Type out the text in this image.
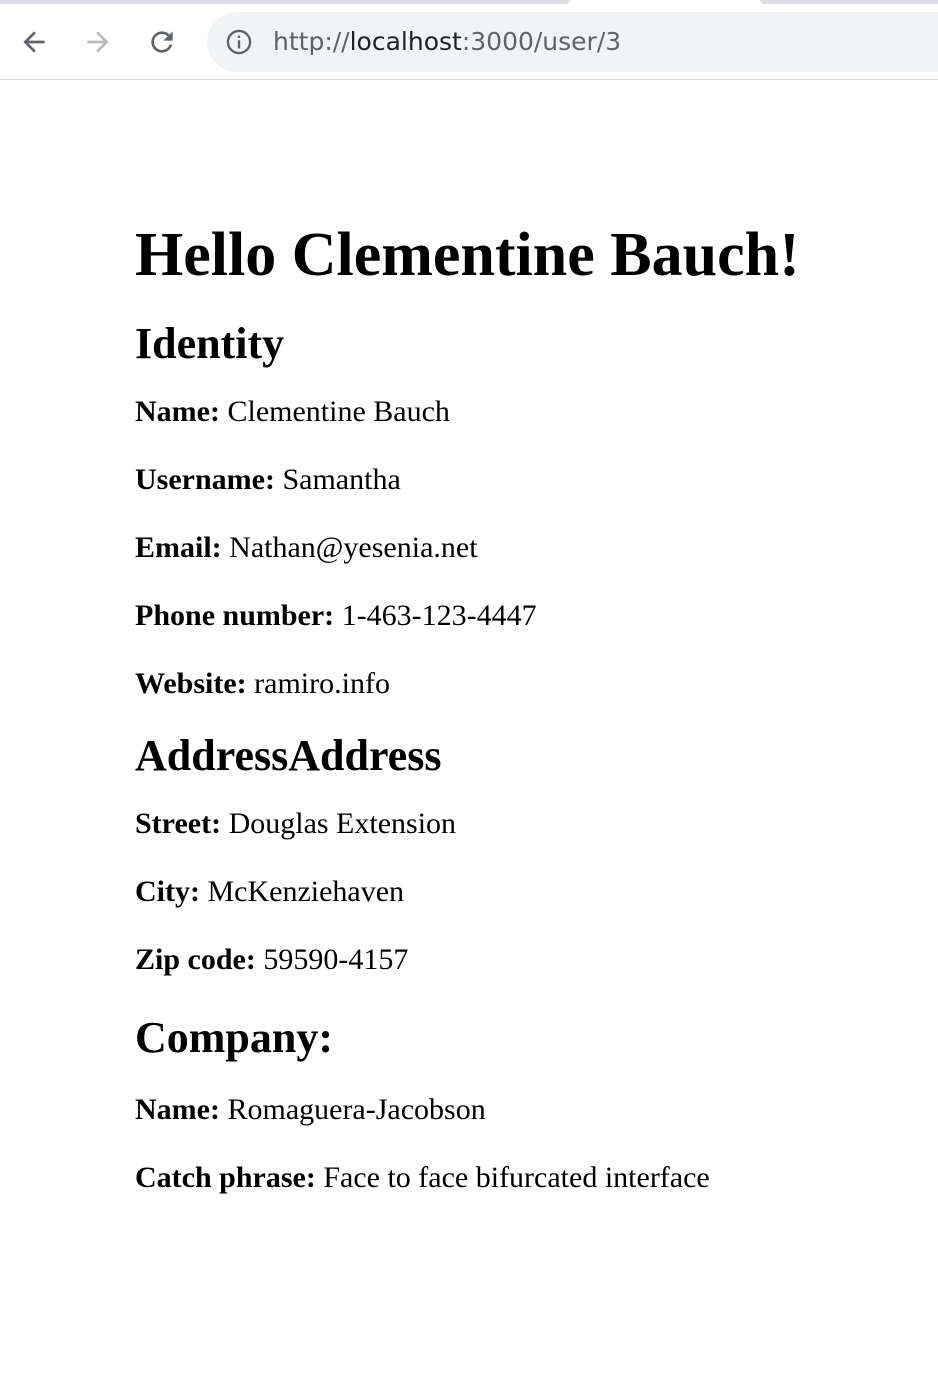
http://localhost:3000/user/3
Hello Clementine Bauch!
Identity

Name: Clementine Bauch

Username: Samantha

Email: Nathan@yesenia.net

Phone number: 1-463-123-4447

Website: ramiro.info

AddressAddress

Street: Douglas Extension

City: McKenziehaven

Zip code: 59590-4157

Company:

Name: Romaguera-Jacobson

Catch phrase: Face to face bifurcated interface
